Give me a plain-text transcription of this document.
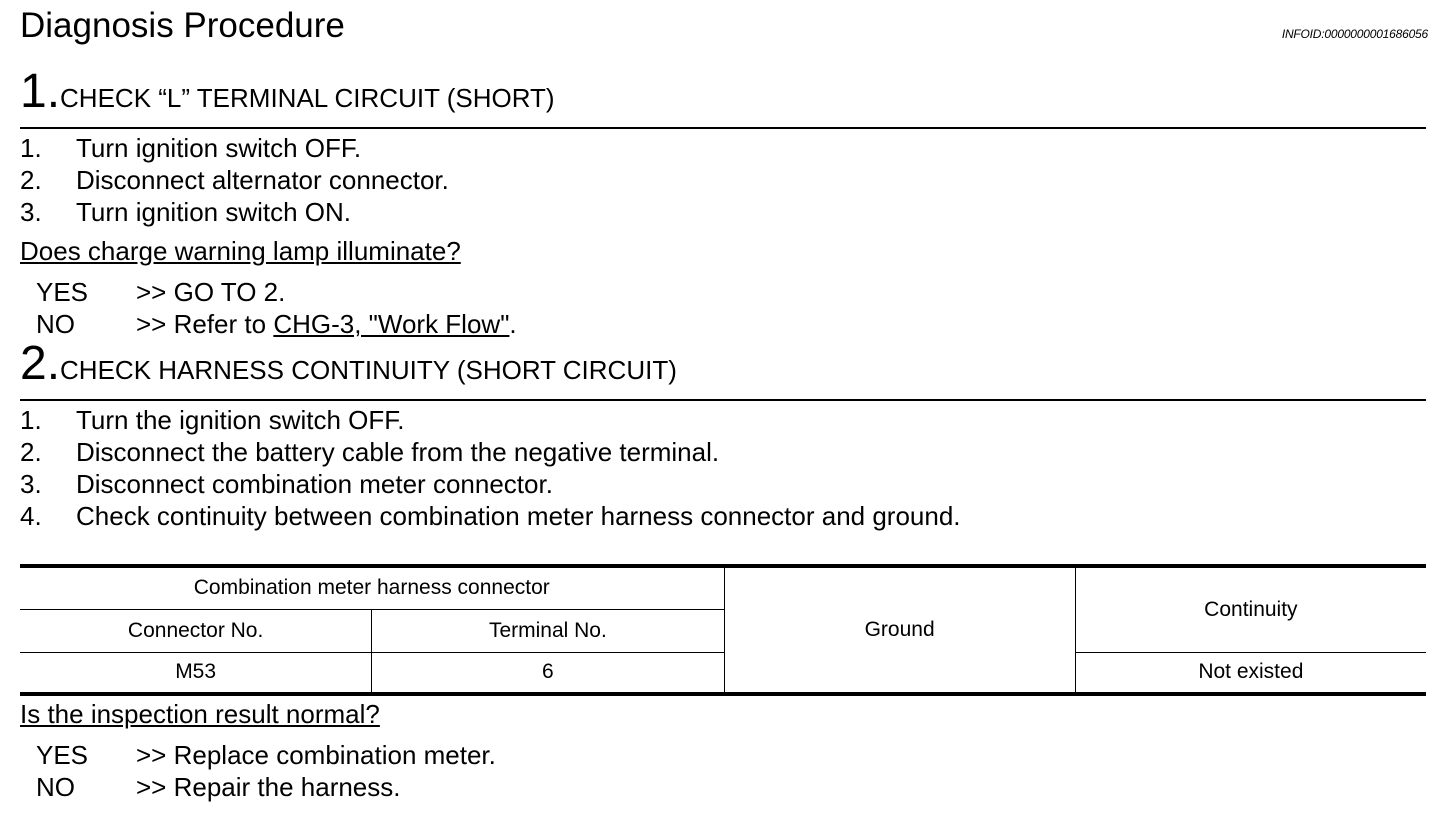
Diagnosis Procedure	INFOID:0000000001686056
1. CHECK “L” TERMINAL CIRCUIT (SHORT)
1.	Turn ignition switch OFF.
2.	Disconnect alternator connector.
3.	Turn ignition switch ON.
Does charge warning lamp illuminate?
YES	>> GO TO 2.
NO	>> Refer to CHG-3, "Work Flow" .
2. CHECK HARNESS CONTINUITY (SHORT CIRCUIT)
1.	Turn the ignition switch OFF.
2.	Disconnect the battery cable from the negative terminal.
3.	Disconnect combination meter connector.
4.	Check continuity between combination meter harness connector and ground.
Combination meter harness connector		Ground	Continuity
Connector No.	Terminal No.		
M53	6		Not existed
Is the inspection result normal?
YES	>> Replace combination meter.
NO	>> Repair the harness.
